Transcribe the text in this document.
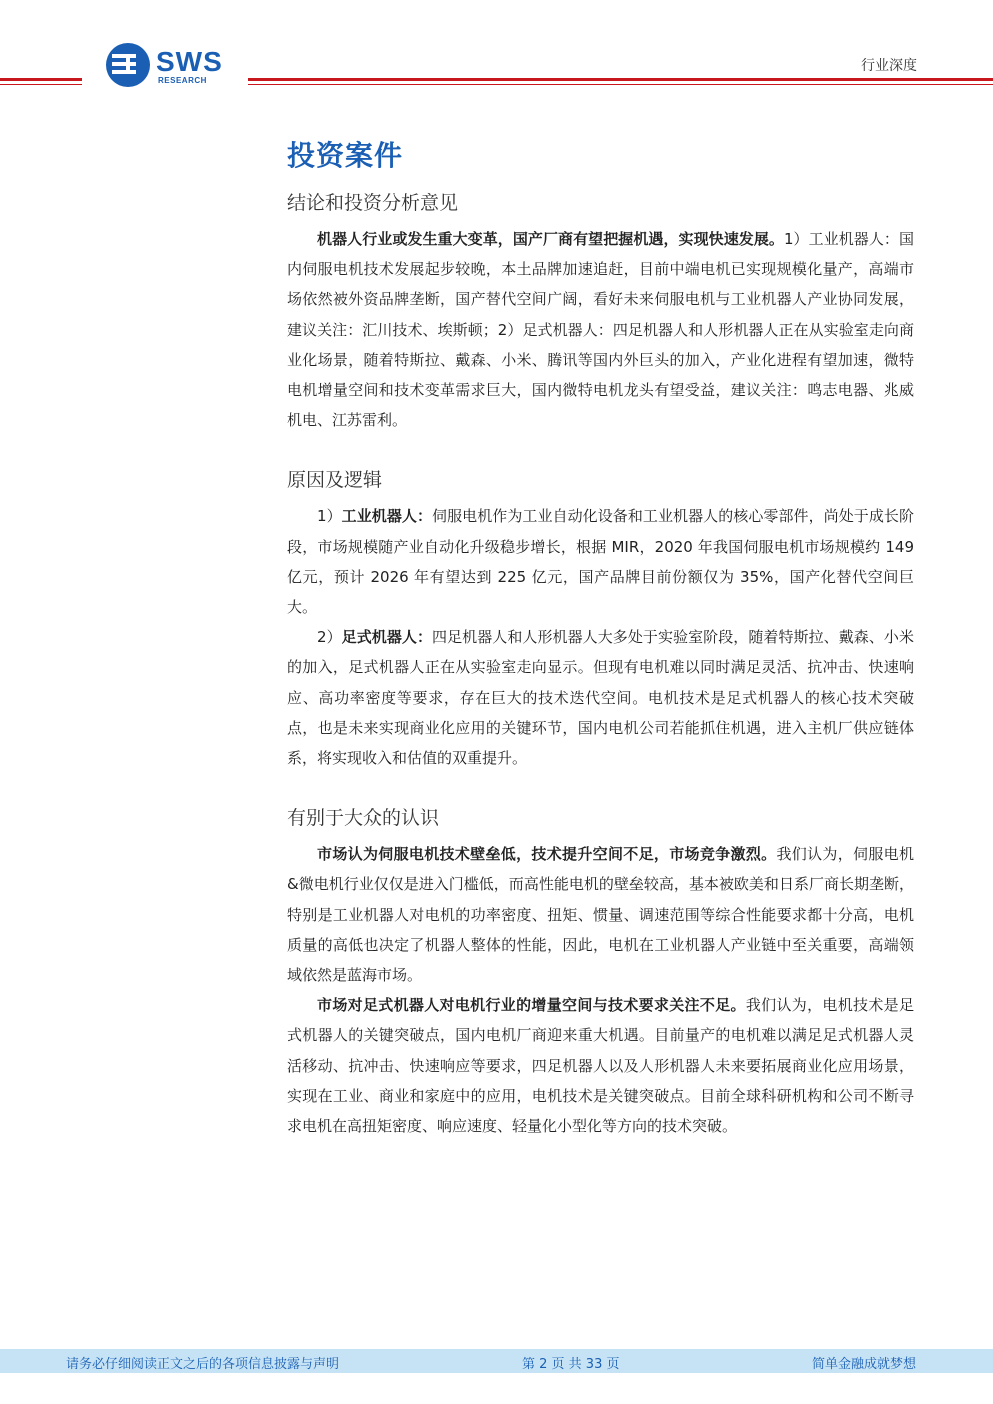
SWS
RESEARCH
行业深度
投资案件
结论和投资分析意见

机器人行业或发生重大变革，国产厂商有望把握机遇，实现快速发展。1）工业机器人：国内伺服电机技术发展起步较晚，本土品牌加速追赶，目前中端电机已实现规模化量产，高端市场依然被外资品牌垄断，国产替代空间广阔，看好未来伺服电机与工业机器人产业协同发展，建议关注：汇川技术、埃斯顿；2）足式机器人：四足机器人和人形机器人正在从实验室走向商业化场景，随着特斯拉、戴森、小米、腾讯等国内外巨头的加入，产业化进程有望加速，微特电机增量空间和技术变革需求巨大，国内微特电机龙头有望受益，建议关注：鸣志电器、兆威机电、江苏雷利。

原因及逻辑

1）工业机器人：伺服电机作为工业自动化设备和工业机器人的核心零部件，尚处于成长阶段，市场规模随产业自动化升级稳步增长，根据 MIR，2020 年我国伺服电机市场规模约 149 亿元，预计 2026 年有望达到 225 亿元，国产品牌目前份额仅为 35%，国产化替代空间巨大。

2）足式机器人：四足机器人和人形机器人大多处于实验室阶段，随着特斯拉、戴森、小米的加入，足式机器人正在从实验室走向显示。但现有电机难以同时满足灵活、抗冲击、快速响应、高功率密度等要求，存在巨大的技术迭代空间。电机技术是足式机器人的核心技术突破点，也是未来实现商业化应用的关键环节，国内电机公司若能抓住机遇，进入主机厂供应链体系，将实现收入和估值的双重提升。

有别于大众的认识

市场认为伺服电机技术壁垒低，技术提升空间不足，市场竞争激烈。我们认为，伺服电机 &微电机行业仅仅是进入门槛低，而高性能电机的壁垒较高，基本被欧美和日系厂商长期垄断，特别是工业机器人对电机的功率密度、扭矩、惯量、调速范围等综合性能要求都十分高，电机质量的高低也决定了机器人整体的性能，因此，电机在工业机器人产业链中至关重要，高端领域依然是蓝海市场。

市场对足式机器人对电机行业的增量空间与技术要求关注不足。我们认为，电机技术是足式机器人的关键突破点，国内电机厂商迎来重大机遇。目前量产的电机难以满足足式机器人灵活移动、抗冲击、快速响应等要求，四足机器人以及人形机器人未来要拓展商业化应用场景，实现在工业、商业和家庭中的应用，电机技术是关键突破点。目前全球科研机构和公司不断寻求电机在高扭矩密度、响应速度、轻量化小型化等方向的技术突破。

请务必仔细阅读正文之后的各项信息披露与声明	第 2 页 共 33 页	简单金融成就梦想
